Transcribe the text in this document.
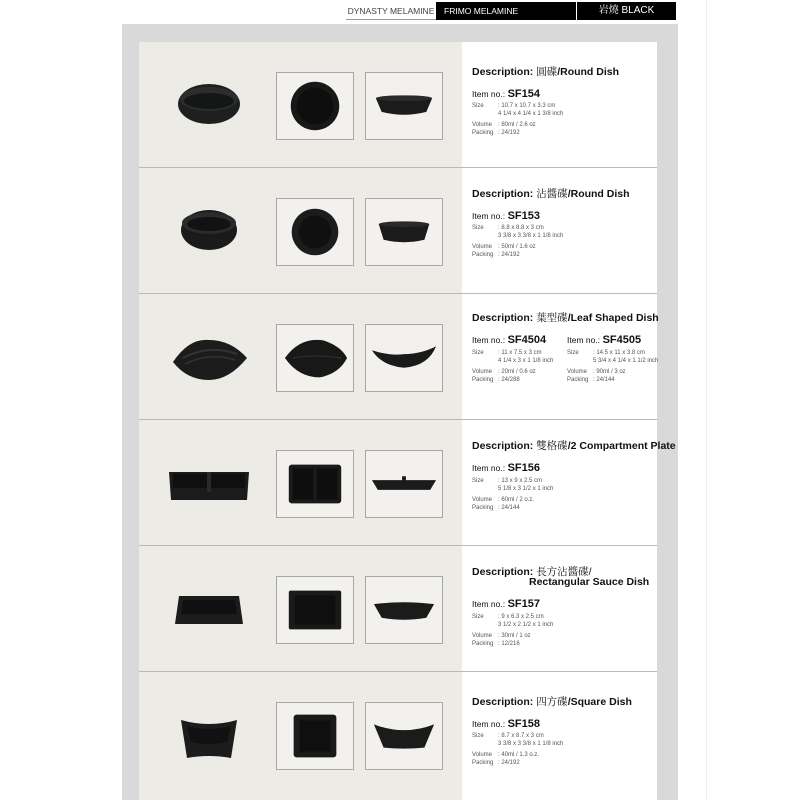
DYNASTY MELAMINE	FRIMO MELAMINE	岩燒 BLACK
Description: 圓碟/Round Dish
Item no.: SF154
Size : 10.7 x 10.7 x 3.3 cm
4 1/4 x 4 1/4 x 1 3/8 inch
Volume : 80ml / 2.6 oz
Packing : 24/192
Description: 沾醬碟/Round Dish
Item no.: SF153
Size : 8.8 x 8.8 x 3 cm
3 3/8 x 3 3/8 x 1 1/8 inch
Volume : 50ml / 1.6 oz
Packing : 24/192
Description: 葉型碟/Leaf Shaped Dish
Item no.: SF4504
Size : 11 x 7.5 x 3 cm
4 1/4 x 3 x 1 1/8 inch
Volume : 20ml / 0.6 oz
Packing : 24/288
Item no.: SF4505
Size : 14.5 x 11 x 3.8 cm
5 3/4 x 4 1/4 x 1 1/2 inch
Volume : 90ml / 3 oz
Packing : 24/144
Description: 雙格碟/2 Compartment Plate
Item no.: SF156
Size : 13 x 9 x 2.5 cm
5 1/8 x 3 1/2 x 1 inch
Volume : 60ml / 2 o.z.
Packing : 24/144
Description: 長方沾醬碟/
Rectangular Sauce Dish
Item no.: SF157
Size : 9 x 6.3 x 2.5 cm
3 1/2 x 2 1/2 x 1 inch
Volume : 30ml / 1 oz
Packing : 12/216
Description: 四方碟/Square Dish
Item no.: SF158
Size : 8.7 x 8.7 x 3 cm
3 3/8 x 3 3/8 x 1 1/8 inch
Volume : 40ml / 1.3 o.z.
Packing : 24/192
